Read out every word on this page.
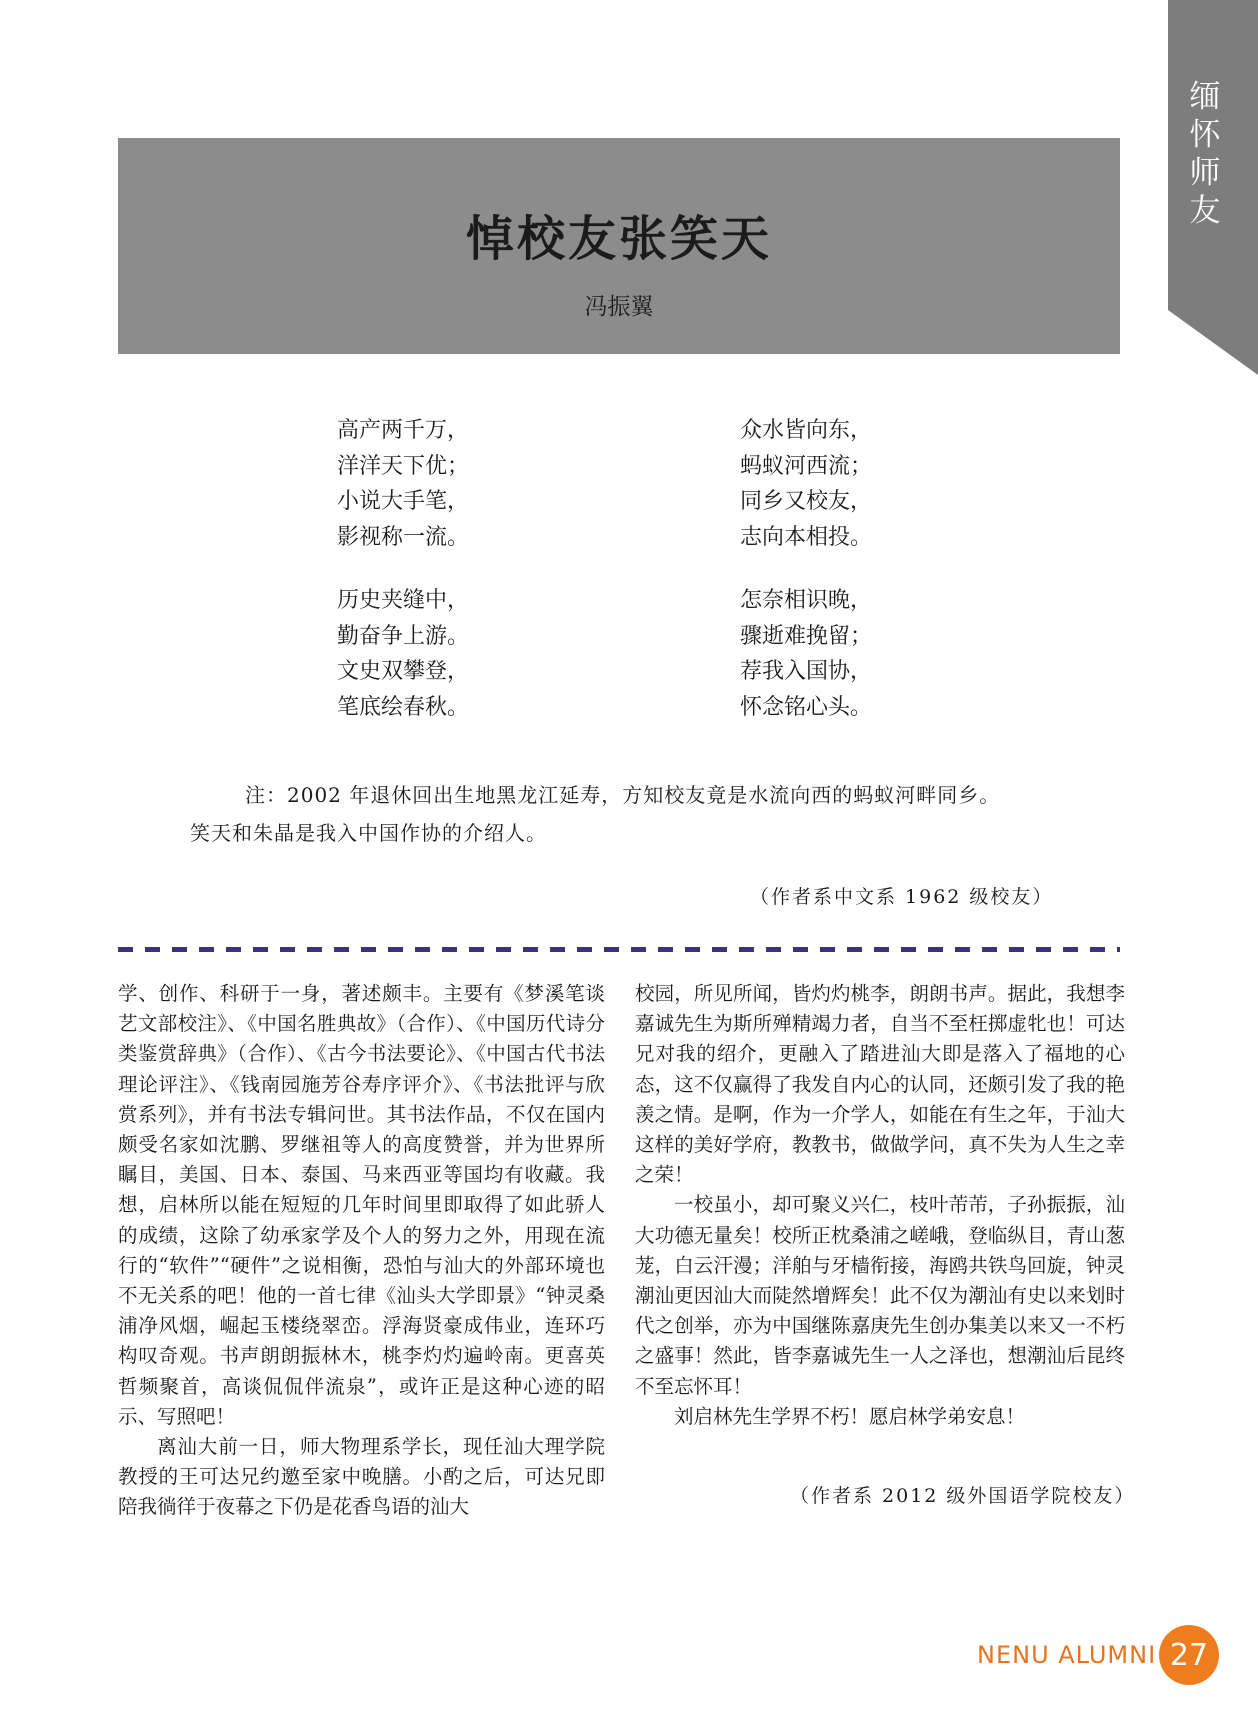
缅
怀
师
友
悼校友张笑天
冯振翼
高产两千万，
洋洋天下优；
小说大手笔，
影视称一流。
历史夹缝中，
勤奋争上游。
文史双攀登，
笔底绘春秋。
众水皆向东，
蚂蚁河西流；
同乡又校友，
志向本相投。
怎奈相识晚，
骤逝难挽留；
荐我入国协，
怀念铭心头。

注：2002 年退休回出生地黑龙江延寿，方知校友竟是水流向西的蚂蚁河畔同乡。

笑天和朱晶是我入中国作协的介绍人。

（作者系中文系 1962 级校友）

学、创作、科研于一身，著述颇丰。主要有《梦溪笔谈艺文部校注》、《中国名胜典故》（合作）、《中国历代诗分类鉴赏辞典》（合作）、《古今书法要论》、《中国古代书法理论评注》、《钱南园施芳谷寿序评介》、《书法批评与欣赏系列》，并有书法专辑问世。其书法作品，不仅在国内颇受名家如沈鹏、罗继祖等人的高度赞誉，并为世界所瞩目，美国、日本、泰国、马来西亚等国均有收藏。我想，启林所以能在短短的几年时间里即取得了如此骄人的成绩，这除了幼承家学及个人的努力之外，用现在流行的“软件”“硬件”之说相衡，恐怕与汕大的外部环境也不无关系的吧！他的一首七律《汕头大学即景》“钟灵桑浦净风烟，崛起玉楼绕翠峦。浮海贤豪成伟业，连环巧构叹奇观。书声朗朗振林木，桃李灼灼遍岭南。更喜英哲频聚首，高谈侃侃伴流泉”，或许正是这种心迹的昭示、写照吧！

离汕大前一日，师大物理系学长，现任汕大理学院教授的王可达兄约邀至家中晚膳。小酌之后，可达兄即陪我徜徉于夜幕之下仍是花香鸟语的汕大

校园，所见所闻，皆灼灼桃李，朗朗书声。据此，我想李嘉诚先生为斯所殚精竭力者，自当不至枉掷虚牝也！可达兄对我的绍介，更融入了踏进汕大即是落入了福地的心态，这不仅赢得了我发自内心的认同，还颇引发了我的艳羡之情。是啊，作为一介学人，如能在有生之年，于汕大这样的美好学府，教教书，做做学问，真不失为人生之幸之荣！

一校虽小，却可聚义兴仁，枝叶芾芾，子孙振振，汕大功德无量矣！校所正枕桑浦之嵯峨，登临纵目，青山葱茏，白云汗漫；洋舶与牙樯衔接，海鸥共铁鸟回旋，钟灵潮汕更因汕大而陡然增辉矣！此不仅为潮汕有史以来划时代之创举，亦为中国继陈嘉庚先生创办集美以来又一不朽之盛事！然此，皆李嘉诚先生一人之泽也，想潮汕后昆终不至忘怀耳！

刘启林先生学界不朽！愿启林学弟安息！

（作者系 2012 级外国语学院校友）
NENU ALUMNI 27
